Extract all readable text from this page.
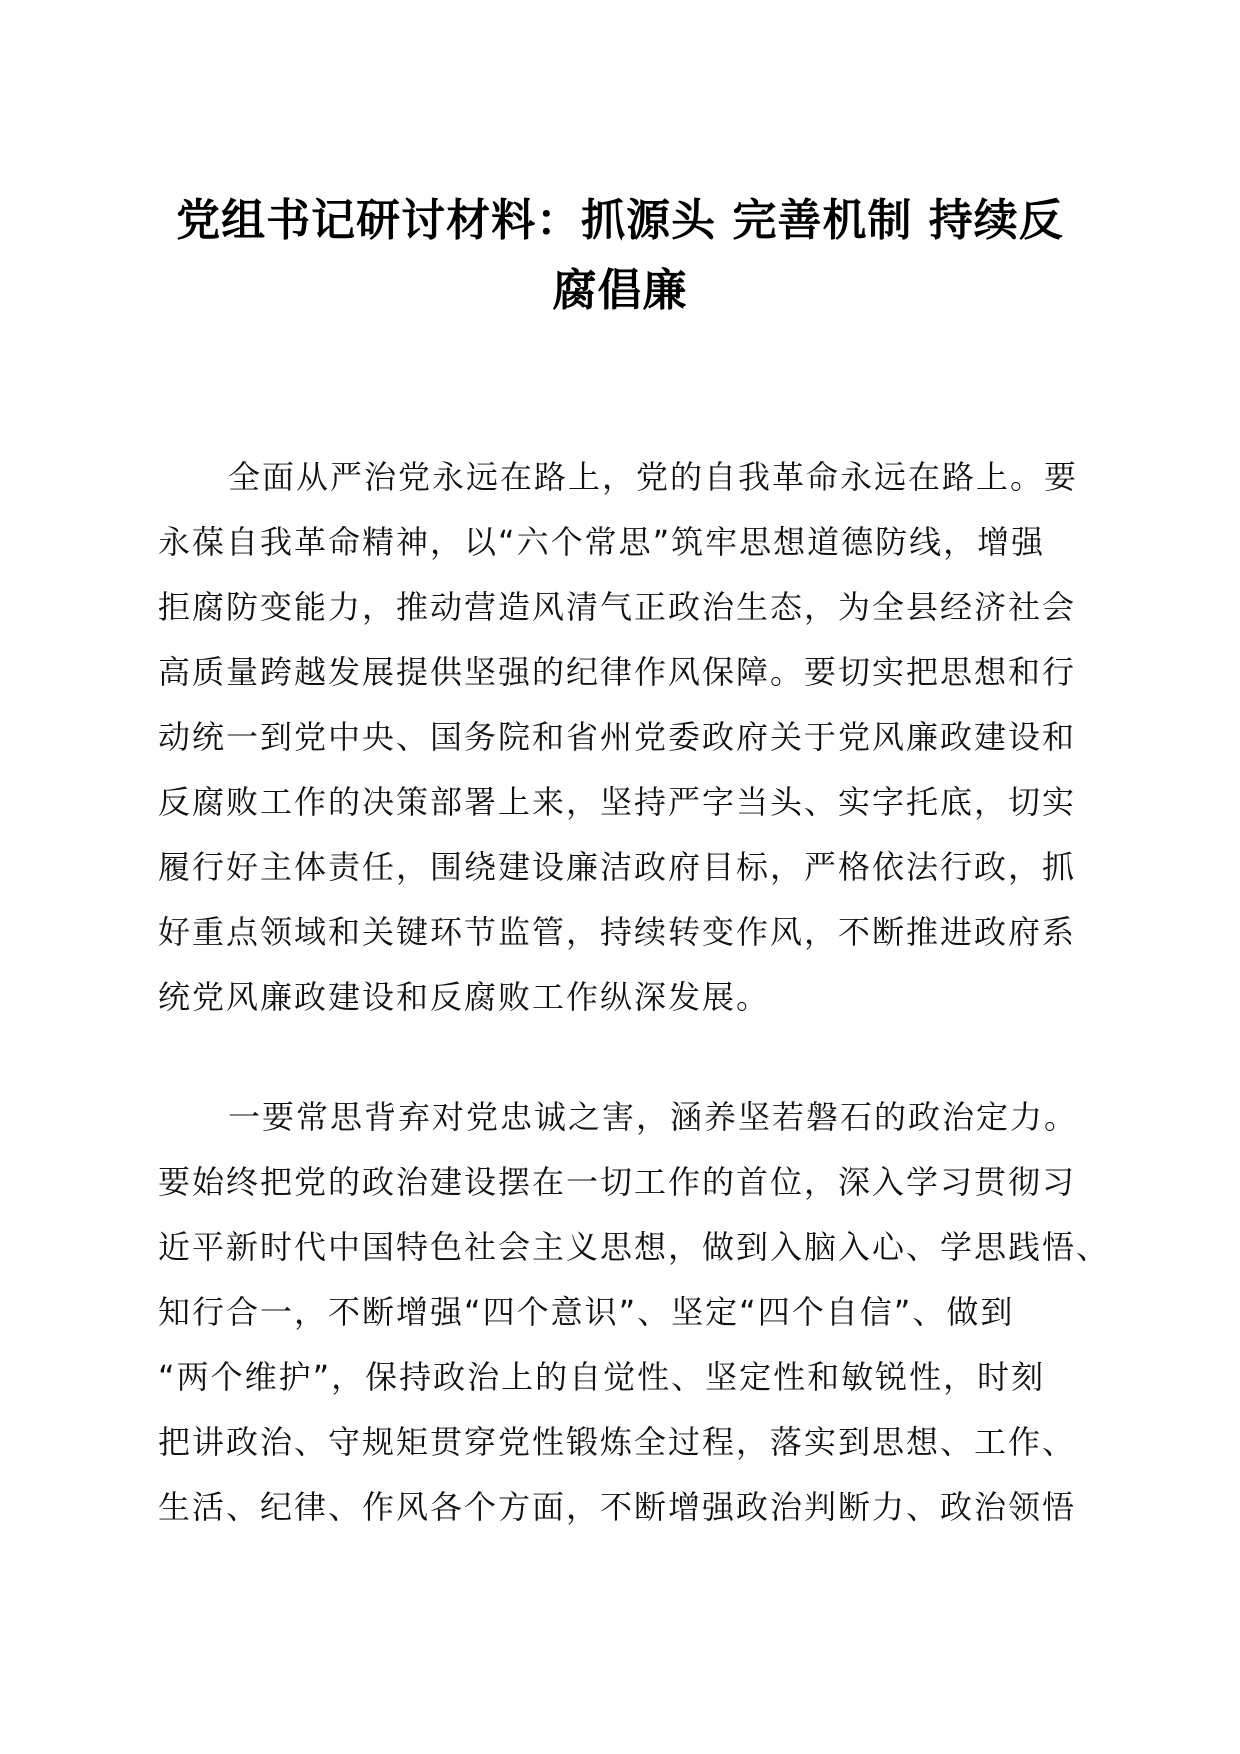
党组书记研讨材料：抓源头 完善机制 持续反
腐倡廉
全面从严治党永远在路上，党的自我革命永远在路上。要
永葆自我革命精神，以“六个常思”筑牢思想道德防线，增强
拒腐防变能力，推动营造风清气正政治生态，为全县经济社会
高质量跨越发展提供坚强的纪律作风保障。要切实把思想和行
动统一到党中央、国务院和省州党委政府关于党风廉政建设和
反腐败工作的决策部署上来，坚持严字当头、实字托底，切实
履行好主体责任，围绕建设廉洁政府目标，严格依法行政，抓
好重点领域和关键环节监管，持续转变作风，不断推进政府系
统党风廉政建设和反腐败工作纵深发展。
一要常思背弃对党忠诚之害，涵养坚若磐石的政治定力。
要始终把党的政治建设摆在一切工作的首位，深入学习贯彻习
近平新时代中国特色社会主义思想，做到入脑入心、学思践悟、
知行合一，不断增强“四个意识”、坚定“四个自信”、做到
“两个维护”，保持政治上的自觉性、坚定性和敏锐性，时刻
把讲政治、守规矩贯穿党性锻炼全过程，落实到思想、工作、
生活、纪律、作风各个方面，不断增强政治判断力、政治领悟
